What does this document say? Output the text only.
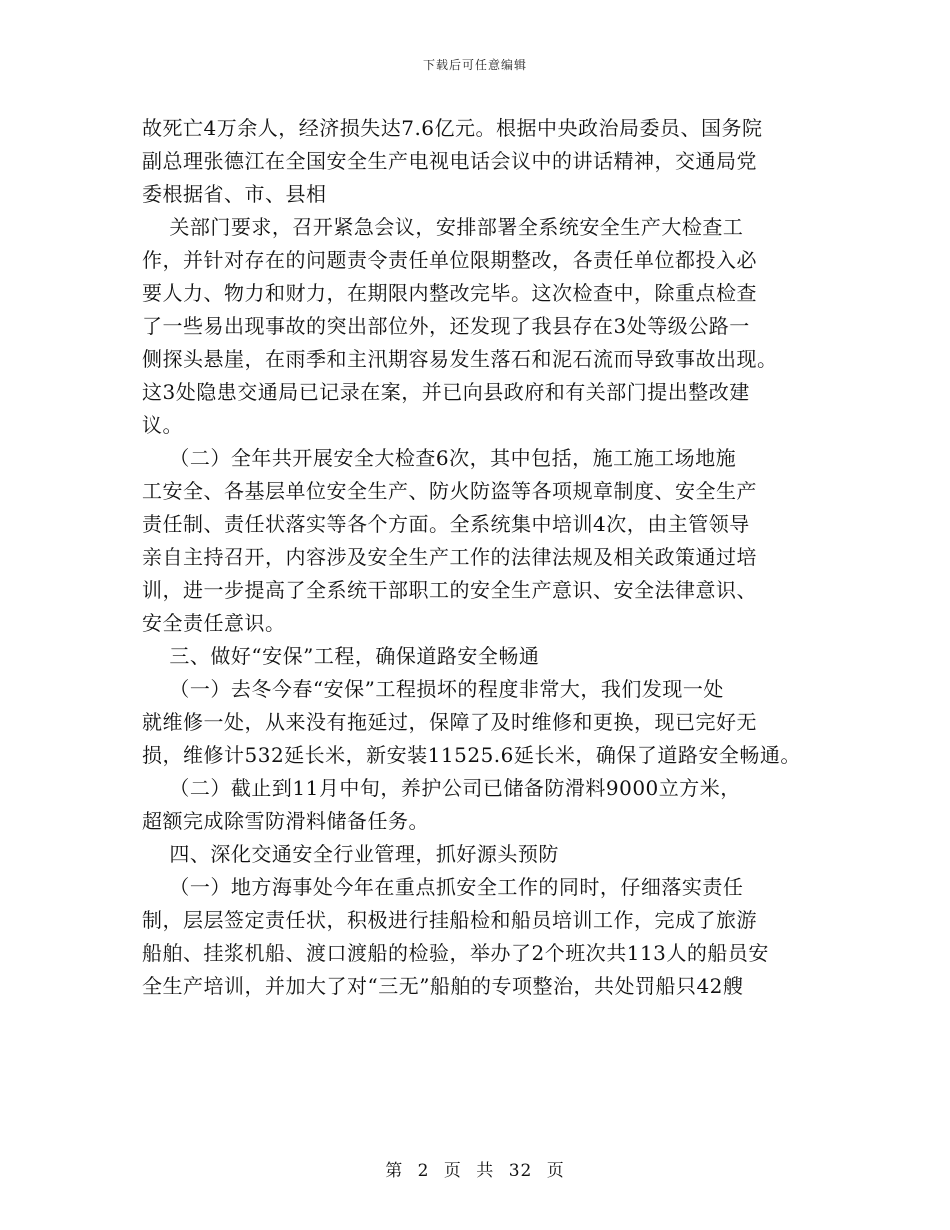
下载后可任意编辑
故死亡4万余人，经济损失达7.6亿元。根据中央政治局委员、国务院
副总理张德江在全国安全生产电视电话会议中的讲话精神，交通局党
委根据省、市、县相
关部门要求，召开紧急会议，安排部署全系统安全生产大检查工
作，并针对存在的问题责令责任单位限期整改，各责任单位都投入必
要人力、物力和财力，在期限内整改完毕。这次检查中，除重点检查
了一些易出现事故的突出部位外，还发现了我县存在3处等级公路一
侧探头悬崖，在雨季和主汛期容易发生落石和泥石流而导致事故出现。
这3处隐患交通局已记录在案，并已向县政府和有关部门提出整改建
议。
（二）全年共开展安全大检查6次，其中包括，施工施工场地施
工安全、各基层单位安全生产、防火防盗等各项规章制度、安全生产
责任制、责任状落实等各个方面。全系统集中培训4次，由主管领导
亲自主持召开，内容涉及安全生产工作的法律法规及相关政策通过培
训，进一步提高了全系统干部职工的安全生产意识、安全法律意识、
安全责任意识。
三、做好“安保”工程，确保道路安全畅通
（一）去冬今春“安保”工程损坏的程度非常大，我们发现一处
就维修一处，从来没有拖延过，保障了及时维修和更换，现已完好无
损，维修计532延长米，新安装11525.6延长米，确保了道路安全畅通。
（二）截止到11月中旬，养护公司已储备防滑料9000立方米，
超额完成除雪防滑料储备任务。
四、深化交通安全行业管理，抓好源头预防
（一）地方海事处今年在重点抓安全工作的同时，仔细落实责任
制，层层签定责任状，积极进行挂船检和船员培训工作，完成了旅游
船舶、挂浆机船、渡口渡船的检验，举办了2个班次共113人的船员安
全生产培训，并加大了对“三无”船舶的专项整治，共处罚船只42艘
第 2 页 共 32 页
